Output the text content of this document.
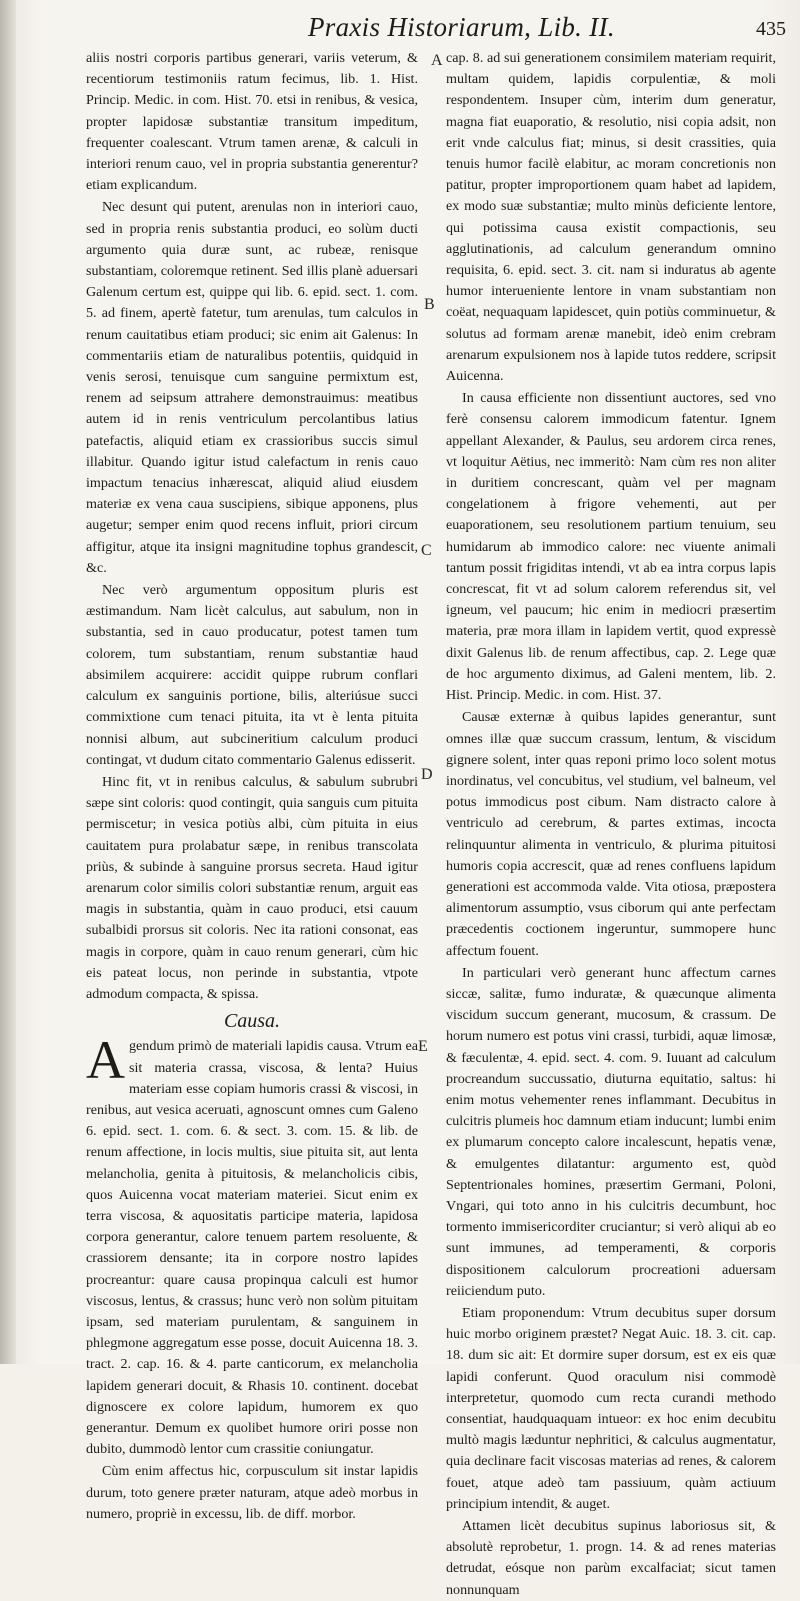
Praxis Historiarum, Lib. II.	435
A
B
C
D
E

aliis nostri corporis partibus generari, variis veterum, & recentiorum testimoniis ratum fecimus, lib. 1. Hist. Princip. Medic. in com. Hist. 70. etsi in renibus, & vesica, propter lapidosæ substantiæ transitum impeditum, frequenter coalescant. Vtrum tamen arenæ, & calculi in interiori renum cauo, vel in propria substantia generentur? etiam explicandum.

Nec desunt qui putent, arenulas non in interiori cauo, sed in propria renis substantia produci, eo solùm ducti argumento quia duræ sunt, ac rubeæ, renisque substantiam, coloremque retinent. Sed illis planè aduersari Galenum certum est, quippe qui lib. 6. epid. sect. 1. com. 5. ad finem, apertè fatetur, tum arenulas, tum calculos in renum cauitatibus etiam produci; sic enim ait Galenus: In commentariis etiam de naturalibus potentiis, quidquid in venis serosi, tenuisque cum sanguine permixtum est, renem ad seipsum attrahere demonstrauimus: meatibus autem id in renis ventriculum percolantibus latius patefactis, aliquid etiam ex crassioribus succis simul illabitur. Quando igitur istud calefactum in renis cauo impactum tenacius inhærescat, aliquid aliud eiusdem materiæ ex vena caua suscipiens, sibique apponens, plus augetur; semper enim quod recens influit, priori circum affigitur, atque ita insigni magnitudine tophus grandescit, &c.

Nec verò argumentum oppositum pluris est æstimandum. Nam licèt calculus, aut sabulum, non in substantia, sed in cauo producatur, potest tamen tum colorem, tum substantiam, renum substantiæ haud absimilem acquirere: accidit quippe rubrum conflari calculum ex sanguinis portione, bilis, alteriúsue succi commixtione cum tenaci pituita, ita vt è lenta pituita nonnisi album, aut subcineritium calculum produci contingat, vt dudum citato commentario Galenus edisserit.

Hinc fit, vt in renibus calculus, & sabulum subrubri sæpe sint coloris: quod contingit, quia sanguis cum pituita permiscetur; in vesica potiùs albi, cùm pituita in eius cauitatem pura prolabatur sæpe, in renibus transcolata priùs, & subinde à sanguine prorsus secreta. Haud igitur arenarum color similis colori substantiæ renum, arguit eas magis in substantia, quàm in cauo produci, etsi cauum subalbidi prorsus sit coloris. Nec ita rationi consonat, eas magis in corpore, quàm in cauo renum generari, cùm hic eis pateat locus, non perinde in substantia, vtpote admodum compacta, & spissa.

Causa.

Agendum primò de materiali lapidis causa. Vtrum ea sit materia crassa, viscosa, & lenta? Huius materiam esse copiam humoris crassi & viscosi, in renibus, aut vesica aceruati, agnoscunt omnes cum Galeno 6. epid. sect. 1. com. 6. & sect. 3. com. 15. & lib. de renum affectione, in locis multis, siue pituita sit, aut lenta melancholia, genita à pituitosis, & melancholicis cibis, quos Auicenna vocat materiam materiei. Sicut enim ex terra viscosa, & aquositatis participe materia, lapidosa corpora generantur, calore tenuem partem resoluente, & crassiorem densante; ita in corpore nostro lapides procreantur: quare causa propinqua calculi est humor viscosus, lentus, & crassus; hunc verò non solùm pituitam ipsam, sed materiam purulentam, & sanguinem in phlegmone aggregatum esse posse, docuit Auicenna 18. 3. tract. 2. cap. 16. & 4. parte canticorum, ex melancholia lapidem generari docuit, & Rhasis 10. continent. docebat dignoscere ex colore lapidum, humorem ex quo generantur. Demum ex quolibet humore oriri posse non dubito, dummodò lentor cum crassitie coniungatur.

Cùm enim affectus hic, corpusculum sit instar lapidis durum, toto genere præter naturam, atque adeò morbus in numero, propriè in excessu, lib. de diff. morbor.

cap. 8. ad sui generationem consimilem materiam requirit, multam quidem, lapidis corpulentiæ, & moli respondentem. Insuper cùm, interim dum generatur, magna fiat euaporatio, & resolutio, nisi copia adsit, non erit vnde calculus fiat; minus, si desit crassities, quia tenuis humor facilè elabitur, ac moram concretionis non patitur, propter improportionem quam habet ad lapidem, ex modo suæ substantiæ; multo minùs deficiente lentore, qui potissima causa existit compactionis, seu agglutinationis, ad calculum generandum omnino requisita, 6. epid. sect. 3. cit. nam si induratus ab agente humor interueniente lentore in vnam substantiam non coëat, nequaquam lapidescet, quin potiùs comminuetur, & solutus ad formam arenæ manebit, ideò enim crebram arenarum expulsionem nos à lapide tutos reddere, scripsit Auicenna.

In causa efficiente non dissentiunt auctores, sed vno ferè consensu calorem immodicum fatentur. Ignem appellant Alexander, & Paulus, seu ardorem circa renes, vt loquitur Aëtius, nec immeritò: Nam cùm res non aliter in duritiem concrescant, quàm vel per magnam congelationem à frigore vehementi, aut per euaporationem, seu resolutionem partium tenuium, seu humidarum ab immodico calore: nec viuente animali tantum possit frigiditas intendi, vt ab ea intra corpus lapis concrescat, fit vt ad solum calorem referendus sit, vel igneum, vel paucum; hic enim in mediocri præsertim materia, præ mora illam in lapidem vertit, quod expressè dixit Galenus lib. de renum affectibus, cap. 2. Lege quæ de hoc argumento diximus, ad Galeni mentem, lib. 2. Hist. Princip. Medic. in com. Hist. 37.

Causæ externæ à quibus lapides generantur, sunt omnes illæ quæ succum crassum, lentum, & viscidum gignere solent, inter quas reponi primo loco solent motus inordinatus, vel concubitus, vel studium, vel balneum, vel potus immodicus post cibum. Nam distracto calore à ventriculo ad cerebrum, & partes extimas, incocta relinquuntur alimenta in ventriculo, & plurima pituitosi humoris copia accrescit, quæ ad renes confluens lapidum generationi est accommoda valde. Vita otiosa, præpostera alimentorum assumptio, vsus ciborum qui ante perfectam præcedentis coctionem ingeruntur, summopere hunc affectum fouent.

In particulari verò generant hunc affectum carnes siccæ, salitæ, fumo induratæ, & quæcunque alimenta viscidum succum generant, mucosum, & crassum. De horum numero est potus vini crassi, turbidi, aquæ limosæ, & fæculentæ, 4. epid. sect. 4. com. 9. Iuuant ad calculum procreandum succussatio, diuturna equitatio, saltus: hi enim motus vehementer renes inflammant. Decubitus in culcitris plumeis hoc damnum etiam inducunt; lumbi enim ex plumarum concepto calore incalescunt, hepatis venæ, & emulgentes dilatantur: argumento est, quòd Septentrionales homines, præsertim Germani, Poloni, Vngari, qui toto anno in his culcitris decumbunt, hoc tormento immisericorditer cruciantur; si verò aliqui ab eo sunt immunes, ad temperamenti, & corporis dispositionem calculorum procreationi aduersam reiiciendum puto.

Etiam proponendum: Vtrum decubitus super dorsum huic morbo originem præstet? Negat Auic. 18. 3. cit. cap. 18. dum sic ait: Et dormire super dorsum, est ex eis quæ lapidi conferunt. Quod oraculum nisi commodè interpretetur, quomodo cum recta curandi methodo consentiat, haudquaquam intueor: ex hoc enim decubitu multò magis læduntur nephritici, & calculus augmentatur, quia declinare facit viscosas materias ad renes, & calorem fouet, atque adeò tam passiuum, quàm actiuum principium intendit, & auget.

Attamen licèt decubitus supinus laboriosus sit, & absolutè reprobetur, 1. progn. 14. & ad renes materias detrudat, eósque non parùm excalfaciat; sicut tamen nonnunquam
